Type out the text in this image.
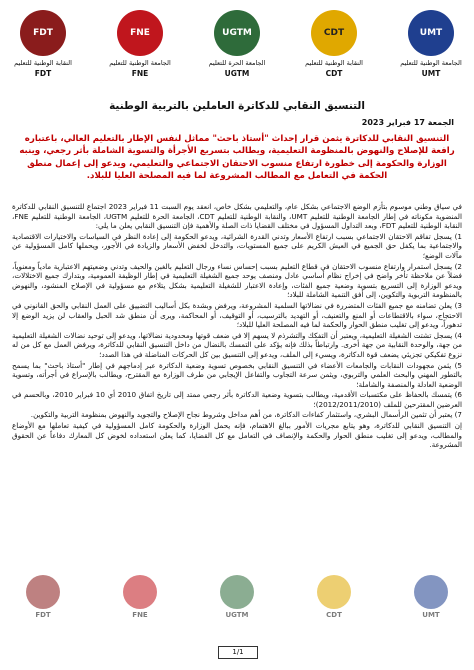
UMT
الجامعة الوطنية للتعليم
UMT
CDT
النقابة الوطنية للتعليم
CDT
UGTM
الجامعة الحرة للتعليم
UGTM
FNE
الجامعة الوطنية للتعليم
FNE
FDT
النقابة الوطنية للتعليم
FDT
التنسيق النقابي للدكاترة العاملين بالتربية الوطنية
الجمعة 17 فبراير 2023
التنسيق النقابي للدكاترة يثمن قرار إحداث "أستاذ باحث" مماثل لنفس الإطار بالتعليم العالي، باعتباره رافعة للإصلاح والنهوض بالمنظومة التعليمية، ويطالب بتسريع الأجرأة والتسوية الشاملة بأثر رجعي، وينبه الوزارة والحكومة إلى خطورة ارتفاع منسوب الاحتقان الاجتماعي والتعليمي، ويدعو إلى إعمال منطق الحكمة في التعامل مع المطالب المشروعة لما فيه المصلحة العليا للبلاد.

في سياق وطني موسوم بتأزم الوضع الاجتماعي بشكل عام، والتعليمي بشكل خاص، انعقد يوم السبت 11 فبراير 2023 اجتماع للتنسيق النقابي للدكاترة المنضوية مكوناته في إطار الجامعة الوطنية للتعليم UMT، والنقابة الوطنية للتعليم CDT، الجامعة الحرة للتعليم UGTM، الجامعة الوطنية للتعليم FNE، النقابة الوطنية للتعليم FDT، وبعد التداول المسؤول في مختلف القضايا ذات الصلة والأهمية فإن التنسيق النقابي يعلن ما يلي:

1) يسجل تفاقم الاحتقان الاجتماعي بسبب ارتفاع الأسعار وتدني القدرة الشرائية، ويدعو الحكومة إلى إعادة النظر في السياسات والاختيارات الاقتصادية والاجتماعية بما يكفل حق الجميع في العيش الكريم على جميع المستويات، والتدخل لخفض الأسعار والزيادة في الأجور، ويحملها كامل المسؤولية عن مآلات الوضع؛

2) يسجل استمرار وارتفاع منسوب الاحتقان في قطاع التعليم بسبب إحساس نساء ورجال التعليم بالغبن والحيف وتدني وضعيتهم الاعتبارية مادياً ومعنوياً، فضلاً عن ملاحظة تأخر واضح في إخراج نظام أساسي عادل ومنصف يوحد جميع الشغيلة التعليمية في إطار الوظيفة العمومية، وبتدارك جميع الاختلالات، ويدعو الوزارة إلى التسريع بتسوية وضعية جميع الفئات، وإعادة الاعتبار للشغيلة التعليمية بشكل يتلاءم مع مسؤولية في الإصلاح المنشود، والنهوض بالمنظومة التربوية والتكوين، إلى أفق التنمية الشاملة للبلاد؛

3) يعلن تضامنه مع جميع الفئات المتضررة في نضالاتها السلمية المشروعة، ويرفض وبشدة بكل أساليب التضييق على العمل النقابي والحق القانوني في الاحتجاج، سواء بالاقتطاعات أو المنع والتعنيف، أو التهديد بالترسيب، أو التوقيف، أو المحاكمة، ويرى أن منطق شد الحبل والعقاب لن يزيد الوضع إلا تدهوراً، ويدعو إلى تغليب منطق الحوار والحكمة لما فيه المصلحة العليا للبلاد؛

4) يسجل تشتت الشغيلة التعليمية، ويعتبر أن التفكك والتشرذم لا يسهم إلا في ضعف قوتها ومحدودية نضالاتها، ويدعو إلى توحيد نضالات الشغيلة التعليمية من جهة، والوحدة النقابية من جهة أخرى. وارتباطاً بذلك فإنه يؤكد على التمسك بالنضال من داخل التنسيق النقابي للدكاترة، ويرفض العمل مع كل من له نزوع تفكيكي تجزيئي يضعف قوة الدكاترة، ويسيء إلى الملف، ويدعو إلى التنسيق بين كل الحركات المناضلة في هذا الصدد؛

5) يثمن مجهودات النقابات والجامعات الأعضاء في التنسيق النقابي بخصوص تسوية وضعية الدكاترة عبر إدماجهم في إطار "أستاذ باحث" بما يسمح بالتطور المهني والبحث العلمي والتربوي، ويثمن سرعة التجاوب والتفاعل الإيجابي من طرف الوزارة مع المقترح، ويطالب بالإسراع في أجرأته، وتسوية الوضعية العادلة والمنصفة والشاملة؛

6) يتمسك بالحفاظ على مكتسبات الأقدمية، ويطالب بتسوية وضعية الدكاترة بأثر رجعي ممتد إلى تاريخ اتفاق 2010 أي 10 فبراير 2010، وبالحسم في العرضين المقترحين للملف (2012/2011/2010)؛

7) يعتبر أن تثمين الرأسمال البشري، واستثمار كفاءات الدكاترة، من أهم مداخل وشروط نجاح الإصلاح والتجويد والنهوض بمنظومة التربية والتكوين.

إن التنسيق النقابي للدكاترة، وهو يتابع مجريات الأمور ببالغ الاهتمام، فإنه يحمل الوزارة والحكومة كامل المسؤولية في كيفية تعاملها مع الأوضاع والمطالب، ويدعو إلى تغليب منطق الحوار والحكمة والإنصاف في التعامل مع كل القضايا، كما يعلن استعداده لخوض كل المعارك دفاعاً عن الحقوق المشروعة.

UMT
CDT
UGTM
FNE
FDT
1/1
